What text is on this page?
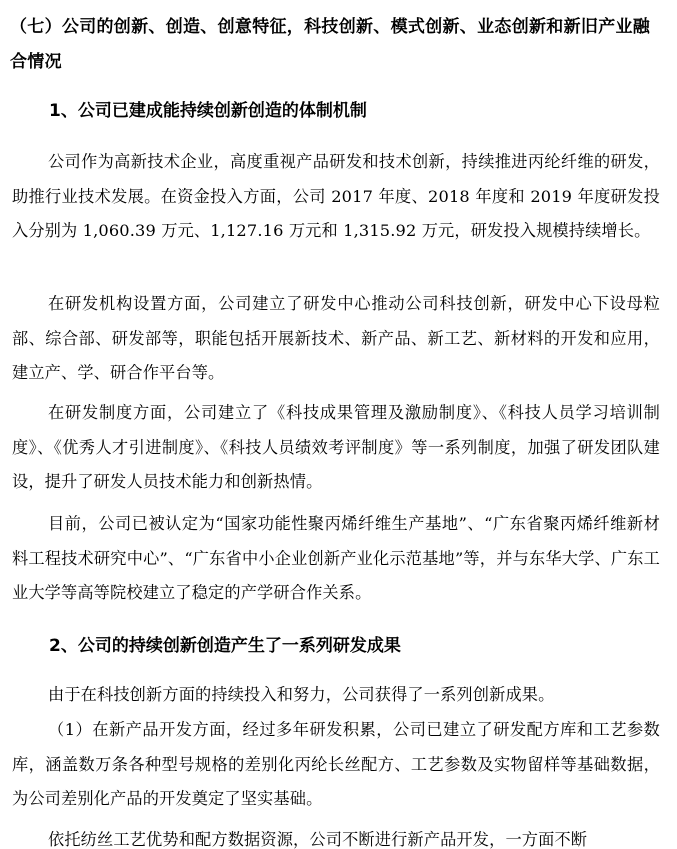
（七）公司的创新、创造、创意特征，科技创新、模式创新、业态创新和新旧产业融合情况
1、公司已建成能持续创新创造的体制机制

公司作为高新技术企业，高度重视产品研发和技术创新，持续推进丙纶纤维的研发，助推行业技术发展。在资金投入方面，公司 2017 年度、2018 年度和 2019 年度研发投入分别为 1,060.39 万元、1,127.16 万元和 1,315.92 万元，研发投入规模持续增长。

在研发机构设置方面，公司建立了研发中心推动公司科技创新，研发中心下设母粒部、综合部、研发部等，职能包括开展新技术、新产品、新工艺、新材料的开发和应用，建立产、学、研合作平台等。

在研发制度方面，公司建立了《科技成果管理及激励制度》、《科技人员学习培训制度》、《优秀人才引进制度》、《科技人员绩效考评制度》等一系列制度，加强了研发团队建设，提升了研发人员技术能力和创新热情。

目前，公司已被认定为“国家功能性聚丙烯纤维生产基地”、“广东省聚丙烯纤维新材料工程技术研究中心”、“广东省中小企业创新产业化示范基地”等，并与东华大学、广东工业大学等高等院校建立了稳定的产学研合作关系。

2、公司的持续创新创造产生了一系列研发成果

由于在科技创新方面的持续投入和努力，公司获得了一系列创新成果。

（1）在新产品开发方面，经过多年研发积累，公司已建立了研发配方库和工艺参数库，涵盖数万条各种型号规格的差别化丙纶长丝配方、工艺参数及实物留样等基础数据，为公司差别化产品的开发奠定了坚实基础。

依托纺丝工艺优势和配方数据资源，公司不断进行新产品开发，一方面不断
